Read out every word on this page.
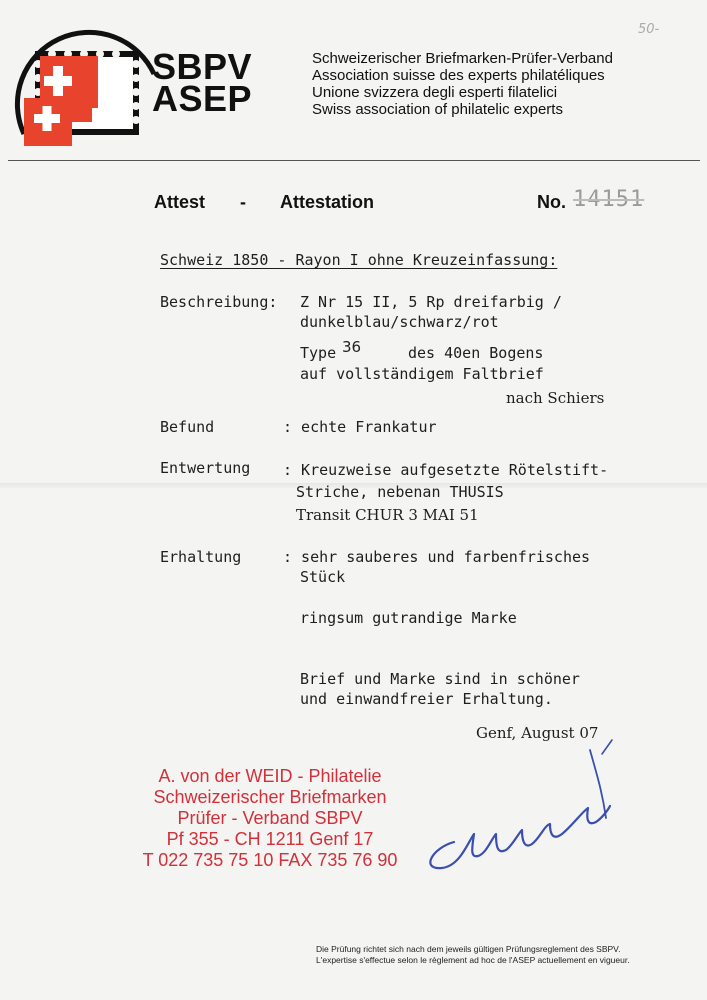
50-
SBPV
ASEP
Schweizerischer Briefmarken-Prüfer-Verband
Association suisse des experts philatéliques
Unione svizzera degli esperti filatelici
Swiss association of philatelic experts
Attest - Attestation	No. 14151
Schweiz 1850 - Rayon I ohne Kreuzeinfassung:
Beschreibung: Z Nr 15 II, 5 Rp dreifarbig /
dunkelblau/schwarz/rot
Type 36	des 40en Bogens
auf vollständigem Faltbrief
nach Schiers
Befund	: echte Frankatur
Entwertung : Kreuzweise aufgesetzte Rötelstift-
Striche, nebenan THUSIS
Transit CHUR 3 MAI 51
Erhaltung	: sehr sauberes und farbenfrisches
Stück
ringsum gutrandige Marke
Brief und Marke sind in schöner
und einwandfreier Erhaltung.
Genf, August 07
A. von der WEID - Philatelie
Schweizerischer Briefmarken
Prüfer - Verband SBPV
Pf 355 - CH 1211 Genf 17
T 022 735 75 10 FAX 735 76 90
Die Prüfung richtet sich nach dem jeweils gültigen Prüfungsreglement des SBPV.
L'expertise s'effectue selon le règlement ad hoc de l'ASEP actuellement en vigueur.
